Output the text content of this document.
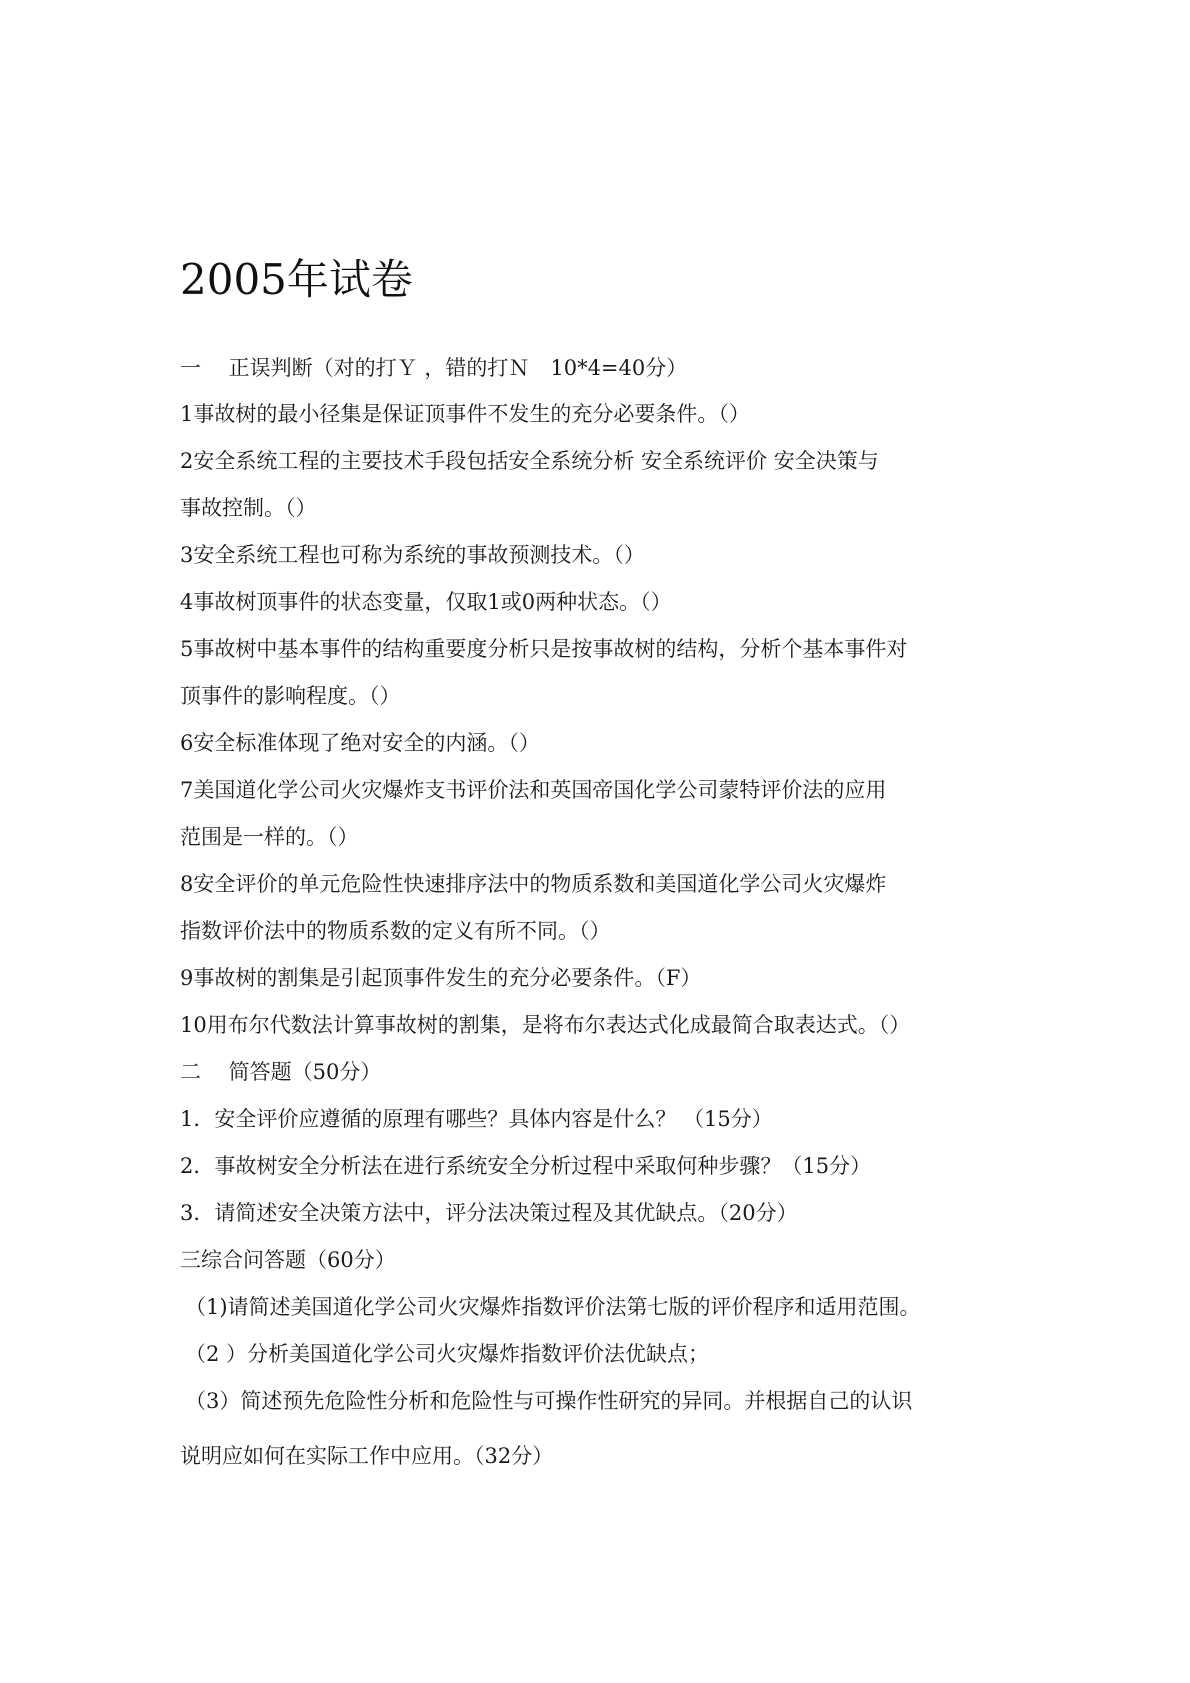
2005年试卷

一　 正误判断（对的打Ｙ ，错的打Ｎ　10*4=40分）

1事故树的最小径集是保证顶事件不发生的充分必要条件。（）

2安全系统工程的主要技术手段包括安全系统分析 安全系统评价 安全决策与

事故控制。（）

3安全系统工程也可称为系统的事故预测技术。（）

4事故树顶事件的状态变量，仅取1或0两种状态。（）

5事故树中基本事件的结构重要度分析只是按事故树的结构，分析个基本事件对

顶事件的影响程度。（）

6安全标准体现了绝对安全的内涵。（）

7美国道化学公司火灾爆炸支书评价法和英国帝国化学公司蒙特评价法的应用

范围是一样的。（）

8安全评价的单元危险性快速排序法中的物质系数和美国道化学公司火灾爆炸

指数评价法中的物质系数的定义有所不同。（）

9事故树的割集是引起顶事件发生的充分必要条件。（F）

10用布尔代数法计算事故树的割集，是将布尔表达式化成最简合取表达式。（）

二　 简答题（50分）

1．安全评价应遵循的原理有哪些？具体内容是什么？ （15分）

2．事故树安全分析法在进行系统安全分析过程中采取何种步骤？（15分）

3．请简述安全决策方法中，评分法决策过程及其优缺点。（20分）

三综合问答题（60分）

（1)请简述美国道化学公司火灾爆炸指数评价法第七版的评价程序和适用范围。

（2 ）分析美国道化学公司火灾爆炸指数评价法优缺点；

（3）简述预先危险性分析和危险性与可操作性研究的异同。并根据自己的认识

说明应如何在实际工作中应用。（32分）
